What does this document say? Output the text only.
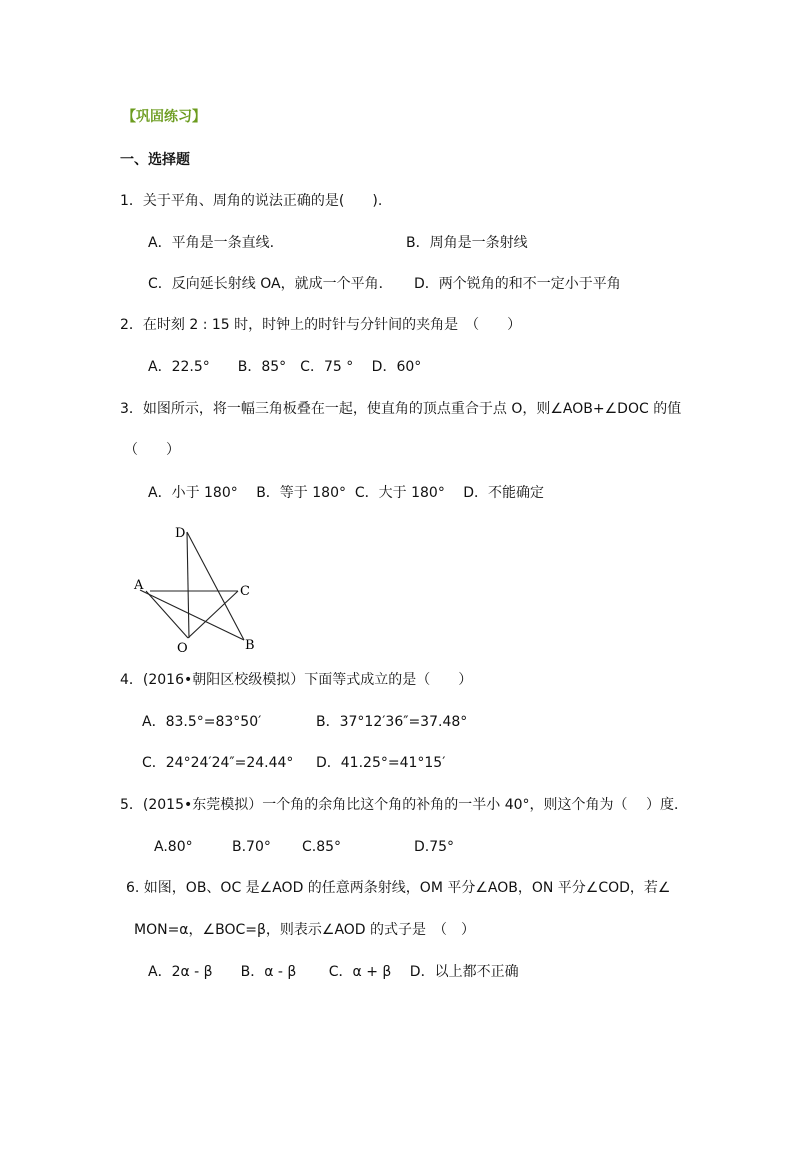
【巩固练习】
一、选择题
1．关于平角、周角的说法正确的是(　　).
A．平角是一条直线.	B．周角是一条射线
C．反向延长射线 OA，就成一个平角． D．两个锐角的和不一定小于平角
2．在时刻 2 : 15 时，时钟上的时针与分针间的夹角是　（　　）
A．22.5°　　B．85°　C．75 °　 D．60°
3．如图所示，将一幅三角板叠在一起，使直角的顶点重合于点 O，则∠AOB+∠DOC 的值
（　　）
A．小于 180°　 B．等于 180°  C．大于 180°　 D．不能确定
D
A	C
O	B
4．(2016•朝阳区校级模拟）下面等式成立的是（　　）
A．83.5°=83°50′	B．37°12′36″=37.48°
C．24°24′24″=24.44° D．41.25°=41°15′
5．(2015•东莞模拟）一个角的余角比这个角的补角的一半小 40°，则这个角为（　 ）度．
A.80°	B.70° C.85°	D.75°
6. 如图，OB、OC 是∠AOD 的任意两条射线，OM 平分∠AOB，ON 平分∠COD，若∠
MON=α，∠BOC=β，则表示∠AOD 的式子是　（　）
A．2α - β　　B．α - β　　 C．α + β　 D．以上都不正确
